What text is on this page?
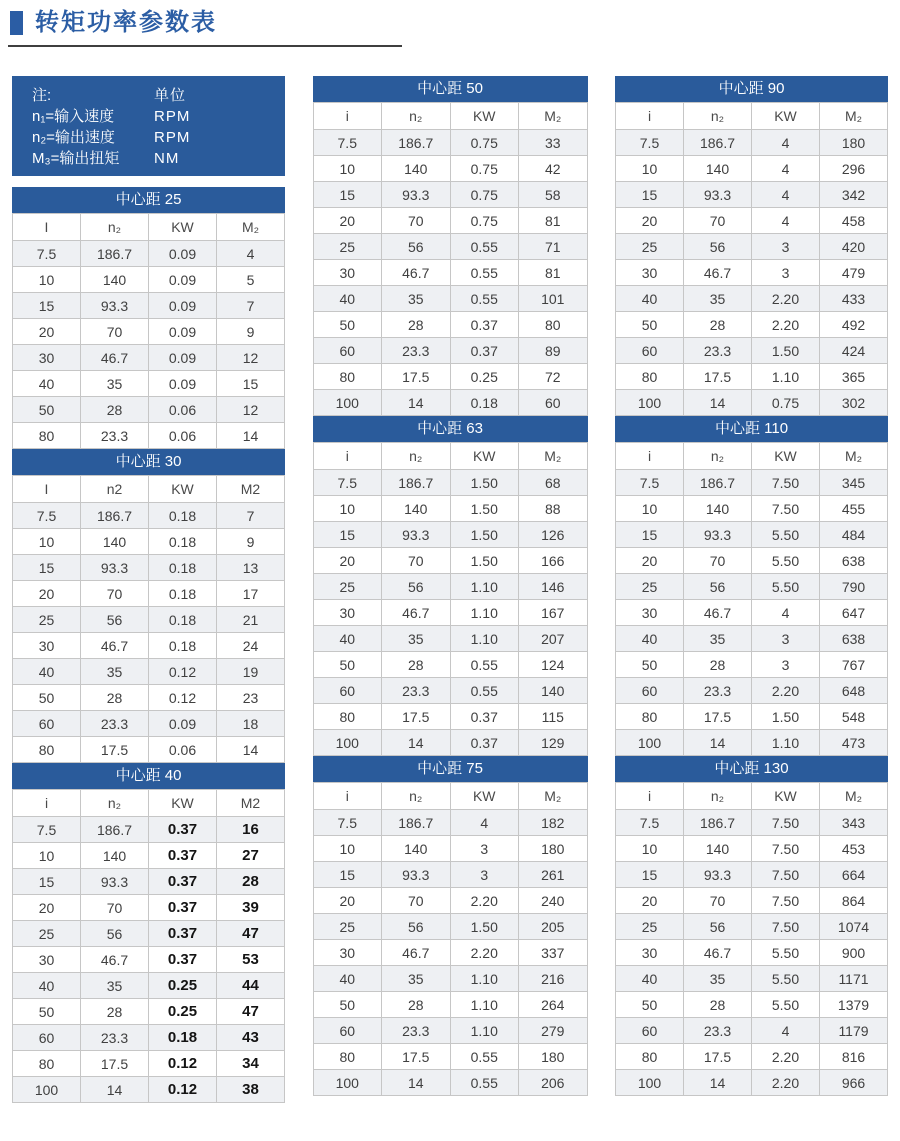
转矩功率参数表
注:	单位
n₁=输入速度	RPM
n₂=输出速度	RPM
M₃=输出扭矩	NM
中心距 25
I	n₂	KW	M₂
7.5	186.7	0.09	4
10	140	0.09	5
15	93.3	0.09	7
20	70	0.09	9
30	46.7	0.09	12
40	35	0.09	15
50	28	0.06	12
80	23.3	0.06	14
中心距 30
I	n2	KW	M2
7.5	186.7	0.18	7
10	140	0.18	9
15	93.3	0.18	13
20	70	0.18	17
25	56	0.18	21
30	46.7	0.18	24
40	35	0.12	19
50	28	0.12	23
60	23.3	0.09	18
80	17.5	0.06	14
中心距 40
i	n₂	KW	M2
7.5	186.7	0.37	16
10	140	0.37	27
15	93.3	0.37	28
20	70	0.37	39
25	56	0.37	47
30	46.7	0.37	53
40	35	0.25	44
50	28	0.25	47
60	23.3	0.18	43
80	17.5	0.12	34
100	14	0.12	38
中心距 50
i	n₂	KW	M₂
7.5	186.7	0.75	33
10	140	0.75	42
15	93.3	0.75	58
20	70	0.75	81
25	56	0.55	71
30	46.7	0.55	81
40	35	0.55	101
50	28	0.37	80
60	23.3	0.37	89
80	17.5	0.25	72
100	14	0.18	60
中心距 63
i	n₂	KW	M₂
7.5	186.7	1.50	68
10	140	1.50	88
15	93.3	1.50	126
20	70	1.50	166
25	56	1.10	146
30	46.7	1.10	167
40	35	1.10	207
50	28	0.55	124
60	23.3	0.55	140
80	17.5	0.37	115
100	14	0.37	129
中心距 75
i	n₂	KW	M₂
7.5	186.7	4	182
10	140	3	180
15	93.3	3	261
20	70	2.20	240
25	56	1.50	205
30	46.7	2.20	337
40	35	1.10	216
50	28	1.10	264
60	23.3	1.10	279
80	17.5	0.55	180
100	14	0.55	206
中心距 90
i	n₂	KW	M₂
7.5	186.7	4	180
10	140	4	296
15	93.3	4	342
20	70	4	458
25	56	3	420
30	46.7	3	479
40	35	2.20	433
50	28	2.20	492
60	23.3	1.50	424
80	17.5	1.10	365
100	14	0.75	302
中心距 110
i	n₂	KW	M₂
7.5	186.7	7.50	345
10	140	7.50	455
15	93.3	5.50	484
20	70	5.50	638
25	56	5.50	790
30	46.7	4	647
40	35	3	638
50	28	3	767
60	23.3	2.20	648
80	17.5	1.50	548
100	14	1.10	473
中心距 130
i	n₂	KW	M₂
7.5	186.7	7.50	343
10	140	7.50	453
15	93.3	7.50	664
20	70	7.50	864
25	56	7.50	1074
30	46.7	5.50	900
40	35	5.50	1171
50	28	5.50	1379
60	23.3	4	1179
80	17.5	2.20	816
100	14	2.20	966
